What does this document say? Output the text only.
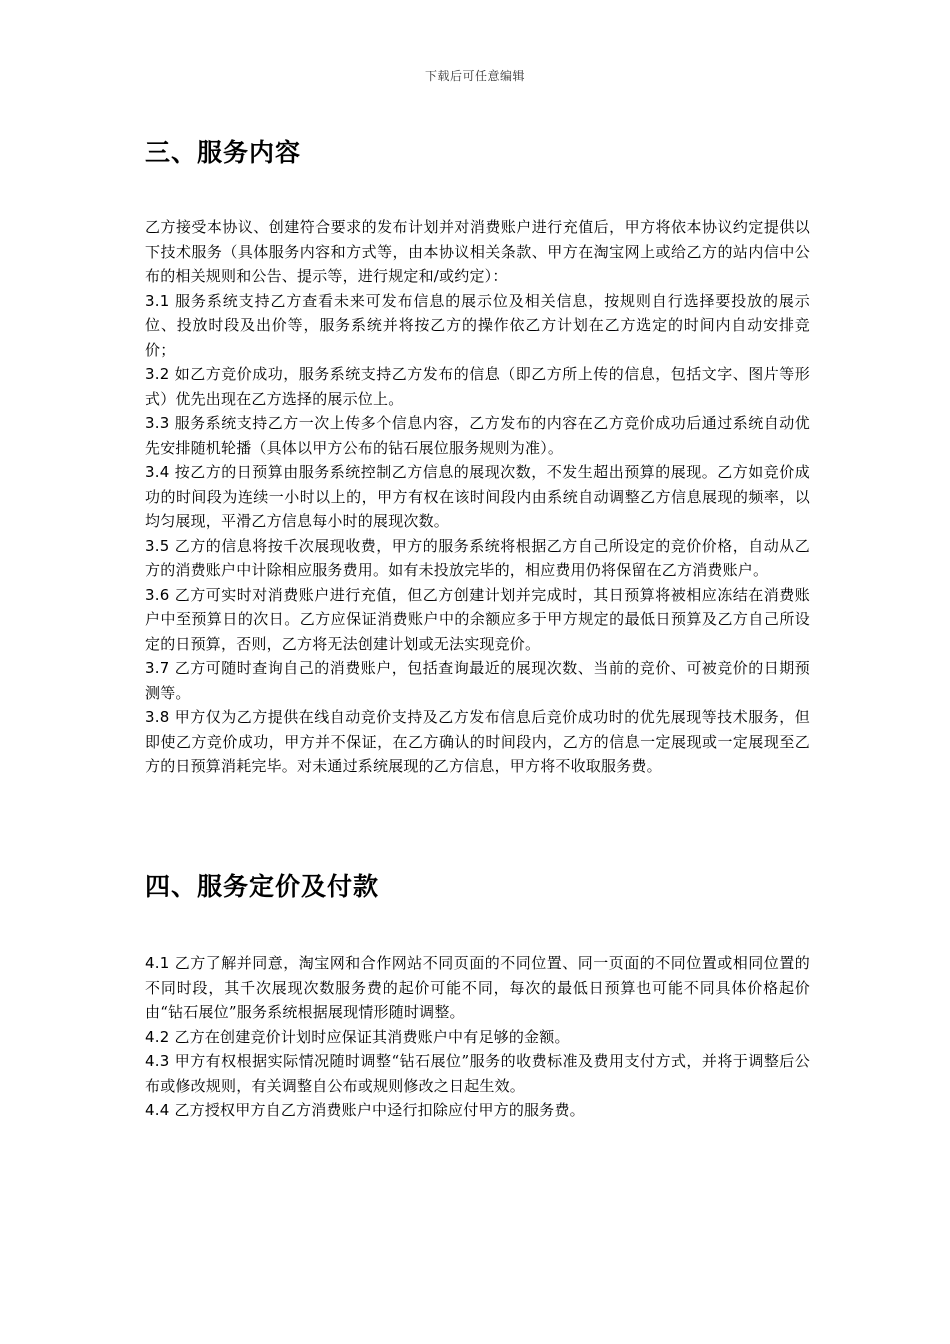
下载后可任意编辑
三、服务内容

乙方接受本协议、创建符合要求的发布计划并对消费账户进行充值后，甲方将依本协议约定提供以下技术服务（具体服务内容和方式等，由本协议相关条款、甲方在淘宝网上或给乙方的站内信中公布的相关规则和公告、提示等，进行规定和/或约定）：

3.1 服务系统支持乙方查看未来可发布信息的展示位及相关信息，按规则自行选择要投放的展示位、投放时段及出价等，服务系统并将按乙方的操作依乙方计划在乙方选定的时间内自动安排竞价；

3.2 如乙方竞价成功，服务系统支持乙方发布的信息（即乙方所上传的信息，包括文字、图片等形式）优先出现在乙方选择的展示位上。

3.3 服务系统支持乙方一次上传多个信息内容，乙方发布的内容在乙方竞价成功后通过系统自动优先安排随机轮播（具体以甲方公布的钻石展位服务规则为准）。

3.4 按乙方的日预算由服务系统控制乙方信息的展现次数，不发生超出预算的展现。乙方如竞价成功的时间段为连续一小时以上的，甲方有权在该时间段内由系统自动调整乙方信息展现的频率，以均匀展现，平滑乙方信息每小时的展现次数。

3.5 乙方的信息将按千次展现收费，甲方的服务系统将根据乙方自己所设定的竞价价格，自动从乙方的消费账户中计除相应服务费用。如有未投放完毕的，相应费用仍将保留在乙方消费账户。

3.6 乙方可实时对消费账户进行充值，但乙方创建计划并完成时，其日预算将被相应冻结在消费账户中至预算日的次日。乙方应保证消费账户中的余额应多于甲方规定的最低日预算及乙方自己所设定的日预算，否则，乙方将无法创建计划或无法实现竞价。

3.7 乙方可随时查询自己的消费账户，包括查询最近的展现次数、当前的竞价、可被竞价的日期预测等。

3.8 甲方仅为乙方提供在线自动竞价支持及乙方发布信息后竞价成功时的优先展现等技术服务，但即使乙方竞价成功，甲方并不保证，在乙方确认的时间段内，乙方的信息一定展现或一定展现至乙方的日预算消耗完毕。对未通过系统展现的乙方信息，甲方将不收取服务费。

四、服务定价及付款

4.1 乙方了解并同意，淘宝网和合作网站不同页面的不同位置、同一页面的不同位置或相同位置的不同时段，其千次展现次数服务费的起价可能不同，每次的最低日预算也可能不同具体价格起价由“钻石展位”服务系统根据展现情形随时调整。

4.2 乙方在创建竞价计划时应保证其消费账户中有足够的金额。

4.3 甲方有权根据实际情况随时调整“钻石展位”服务的收费标准及费用支付方式，并将于调整后公布或修改规则，有关调整自公布或规则修改之日起生效。

4.4 乙方授权甲方自乙方消费账户中迳行扣除应付甲方的服务费。
